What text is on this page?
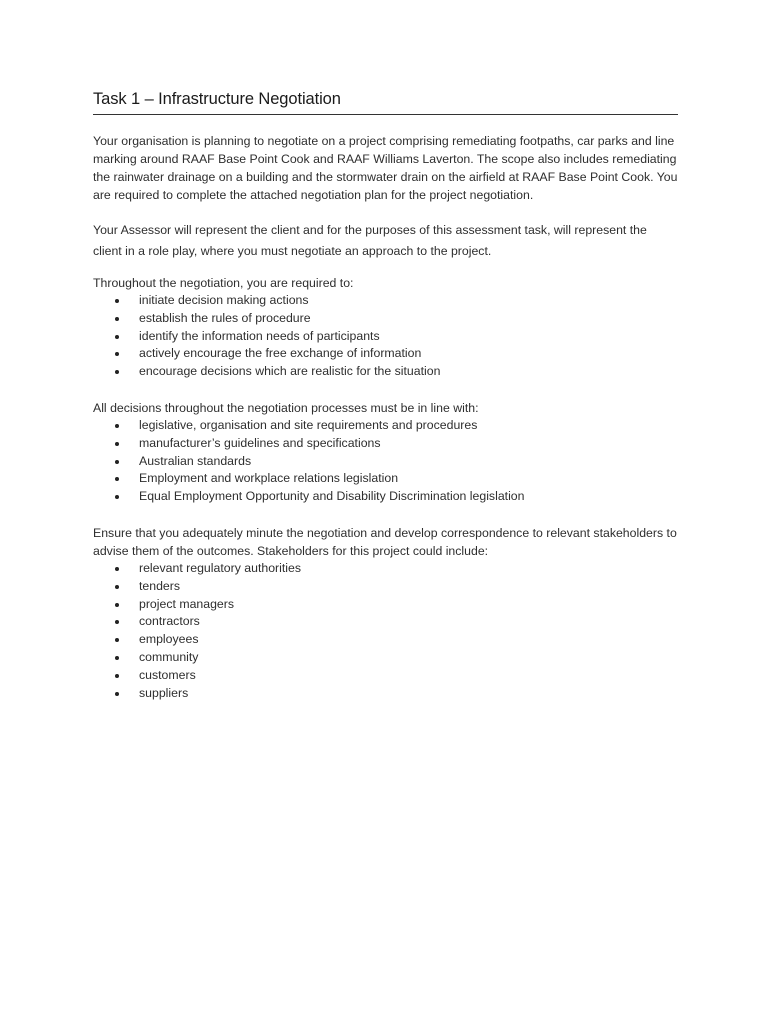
Task 1 – Infrastructure Negotiation

Your organisation is planning to negotiate on a project comprising remediating footpaths, car parks and line marking around RAAF Base Point Cook and RAAF Williams Laverton. The scope also includes remediating the rainwater drainage on a building and the stormwater drain on the airfield at RAAF Base Point Cook. You are required to complete the attached negotiation plan for the project negotiation.

Your Assessor will represent the client and for the purposes of this assessment task, will represent the client in a role play, where you must negotiate an approach to the project.

Throughout the negotiation, you are required to:

initiate decision making actions
establish the rules of procedure
identify the information needs of participants
actively encourage the free exchange of information
encourage decisions which are realistic for the situation

All decisions throughout the negotiation processes must be in line with:

legislative, organisation and site requirements and procedures
manufacturer’s guidelines and specifications
Australian standards
Employment and workplace relations legislation
Equal Employment Opportunity and Disability Discrimination legislation

Ensure that you adequately minute the negotiation and develop correspondence to relevant stakeholders to advise them of the outcomes. Stakeholders for this project could include:

relevant regulatory authorities
tenders
project managers
contractors
employees
community
customers
suppliers
